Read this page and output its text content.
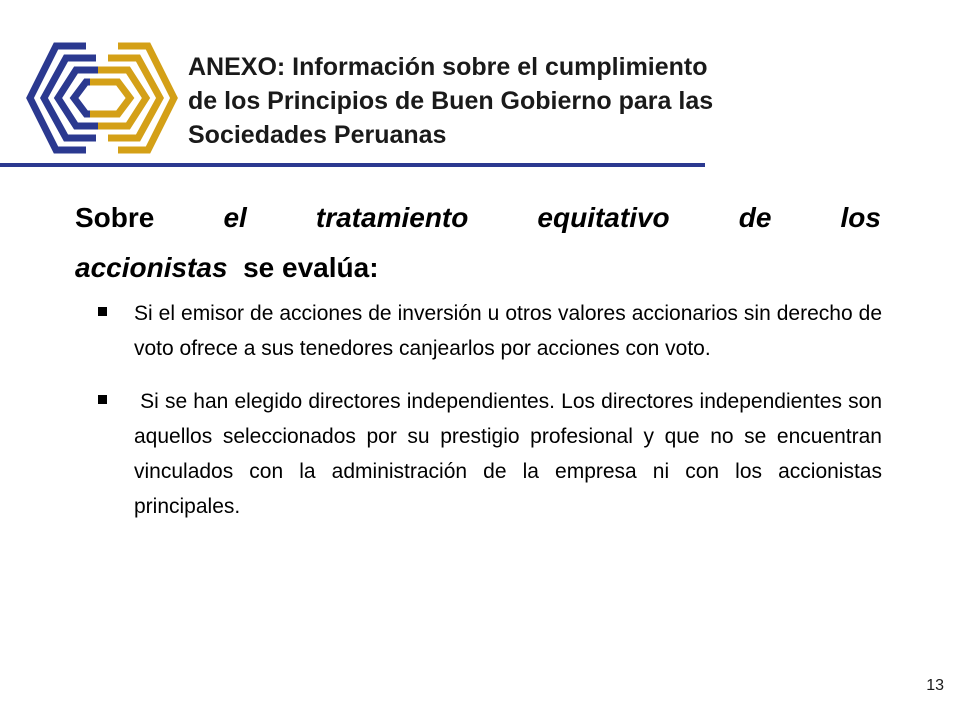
ANEXO: Información sobre el cumplimiento
de los Principios de Buen Gobierno para las
Sociedades Peruanas
Sobre el tratamiento equitativo de los
accionistas se evalúa:
Si el emisor de acciones de inversión u otros valores accionarios sin derecho de voto ofrece a sus tenedores canjearlos por acciones con voto.
Si se han elegido directores independientes. Los directores independientes son aquellos seleccionados por su prestigio profesional y que no se encuentran vinculados con la administración de la empresa ni con los accionistas principales.
13
